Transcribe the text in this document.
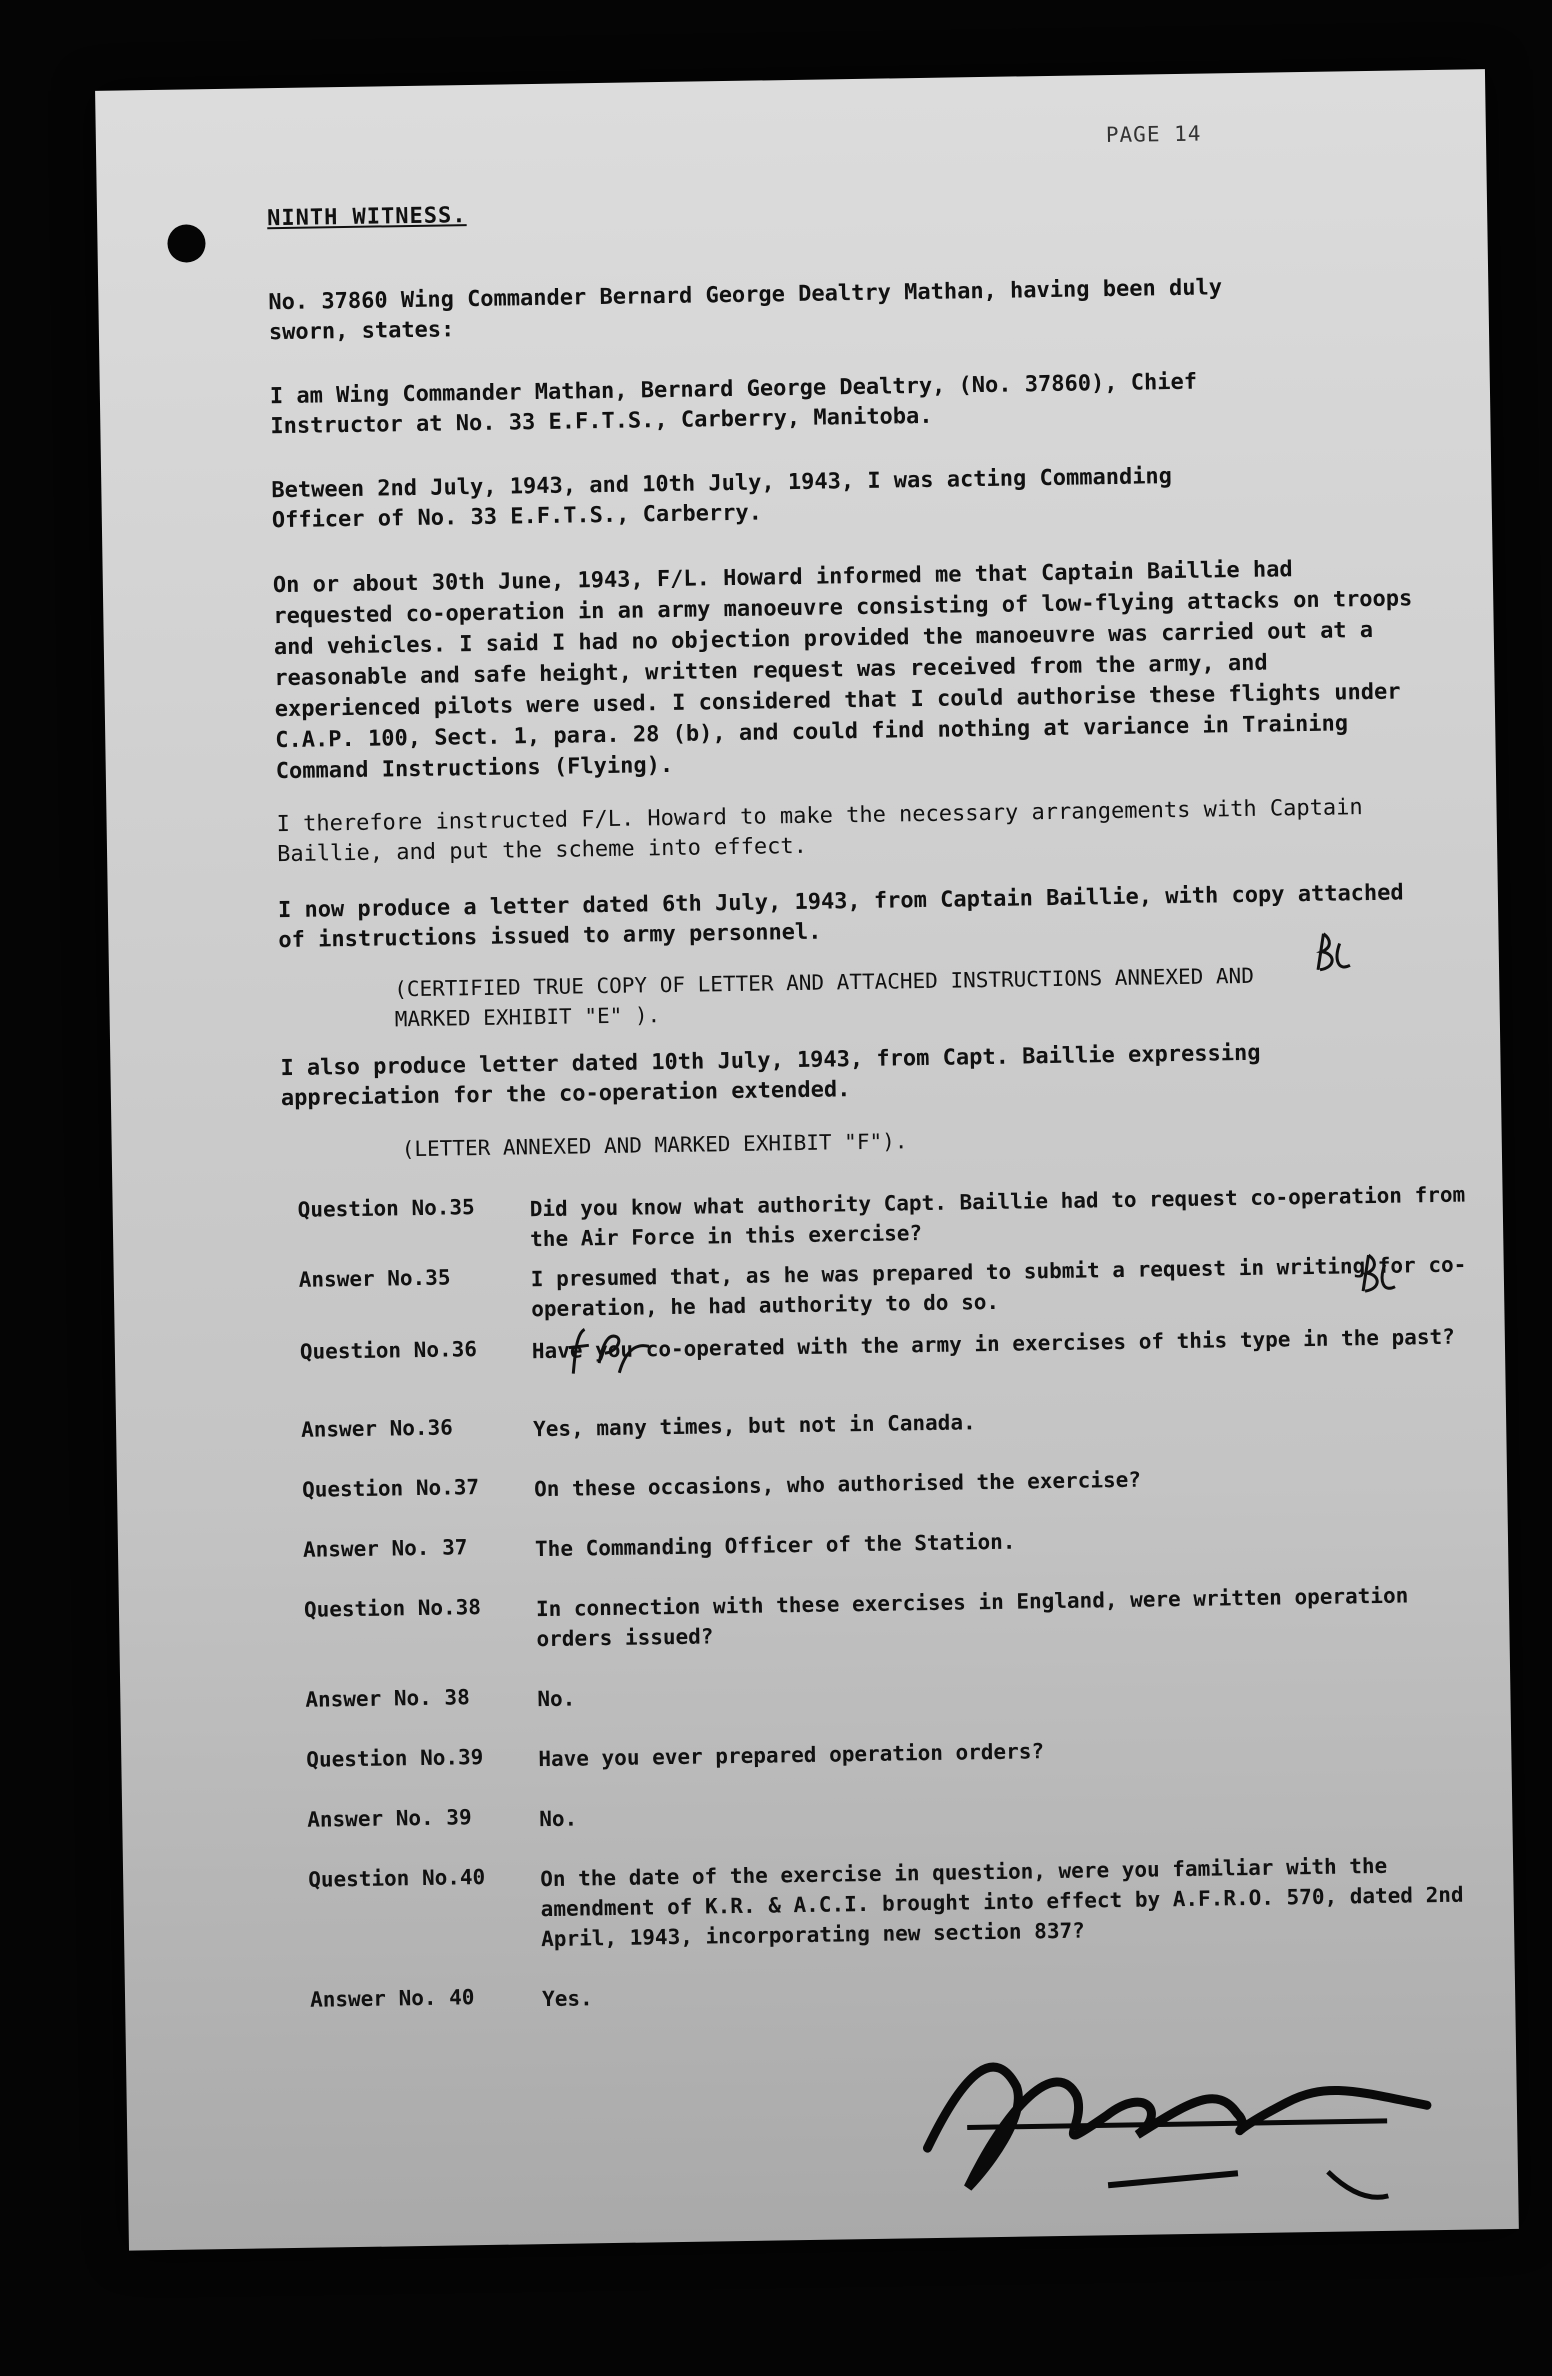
PAGE 14
NINTH WITNESS.
No. 37860 Wing Commander Bernard George Dealtry Mathan, having been duly sworn, states:
I am Wing Commander Mathan, Bernard George Dealtry, (No. 37860), Chief Instructor at No. 33 E.F.T.S., Carberry, Manitoba.
Between 2nd July, 1943, and 10th July, 1943, I was acting Commanding Officer of No. 33 E.F.T.S., Carberry.
On or about 30th June, 1943, F/L. Howard informed me that Captain Baillie had requested co-operation in an army manoeuvre consisting of low-flying attacks on troops and vehicles. I said I had no objection provided the manoeuvre was carried out at a reasonable and safe height, written request was received from the army, and experienced pilots were used. I considered that I could authorise these flights under C.A.P. 100, Sect. 1, para. 28 (b), and could find nothing at variance in Training Command Instructions (Flying).
I therefore instructed F/L. Howard to make the necessary arrangements with Captain Baillie, and put the scheme into effect.
I now produce a letter dated 6th July, 1943, from Captain Baillie, with copy attached of instructions issued to army personnel.
(CERTIFIED TRUE COPY OF LETTER AND ATTACHED INSTRUCTIONS ANNEXED AND MARKED EXHIBIT "E" ).
I also produce letter dated 10th July, 1943, from Capt. Baillie expressing appreciation for the co-operation extended.
(LETTER ANNEXED AND MARKED EXHIBIT "F").
Question No.35	Did you know what authority Capt. Baillie had to request co-operation from the Air Force in this exercise?
Answer No.35	I presumed that, as he was prepared to submit a request in writing for co-operation, he had authority to do so.
Question No.36	Have you co-operated with the army in exercises of this type in the past?
Answer No.36	Yes, many times, but not in Canada.
Question No.37	On these occasions, who authorised the exercise?
Answer No. 37	The Commanding Officer of the Station.
Question No.38	In connection with these exercises in England, were written operation orders issued?
Answer No. 38	No.
Question No.39	Have you ever prepared operation orders?
Answer No. 39	No.
Question No.40	On the date of the exercise in question, were you familiar with the amendment of K.R. & A.C.I. brought into effect by A.F.R.O. 570, dated 2nd April, 1943, incorporating new section 837?
Answer No. 40	Yes.
